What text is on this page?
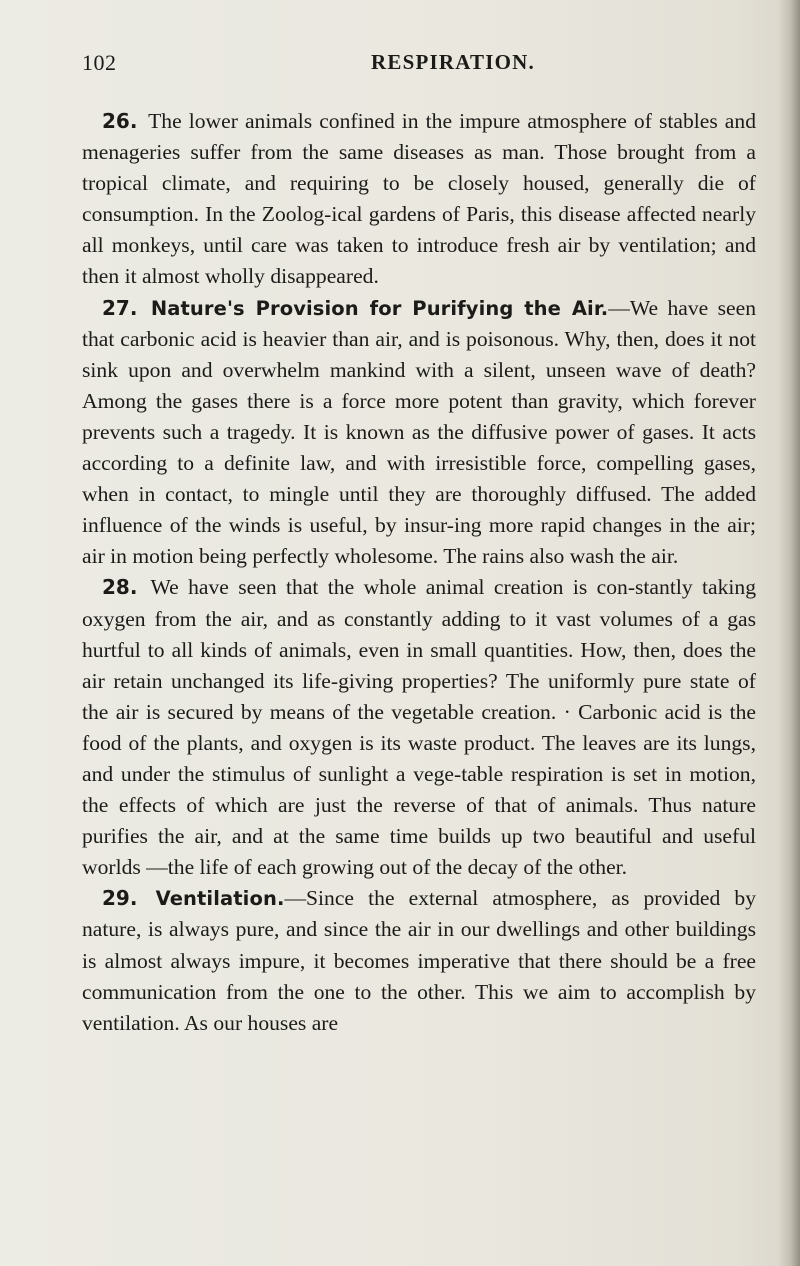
102	RESPIRATION.

26. The lower animals confined in the impure atmosphere of stables and menageries suffer from the same diseases as man. Those brought from a tropical climate, and requiring to be closely housed, generally die of consumption. In the Zoolog-ical gardens of Paris, this disease affected nearly all monkeys, until care was taken to introduce fresh air by ventilation; and then it almost wholly disappeared.

27. Nature's Provision for Purifying the Air.—We have seen that carbonic acid is heavier than air, and is poisonous. Why, then, does it not sink upon and overwhelm mankind with a silent, unseen wave of death? Among the gases there is a force more potent than gravity, which forever prevents such a tragedy. It is known as the diffusive power of gases. It acts according to a definite law, and with irresistible force, compelling gases, when in contact, to mingle until they are thoroughly diffused. The added influence of the winds is useful, by insur-ing more rapid changes in the air; air in motion being perfectly wholesome. The rains also wash the air.

28. We have seen that the whole animal creation is con-stantly taking oxygen from the air, and as constantly adding to it vast volumes of a gas hurtful to all kinds of animals, even in small quantities. How, then, does the air retain unchanged its life-giving properties? The uniformly pure state of the air is secured by means of the vegetable creation. · Carbonic acid is the food of the plants, and oxygen is its waste product. The leaves are its lungs, and under the stimulus of sunlight a vege-table respiration is set in motion, the effects of which are just the reverse of that of animals. Thus nature purifies the air, and at the same time builds up two beautiful and useful worlds —the life of each growing out of the decay of the other.

29. Ventilation.—Since the external atmosphere, as provided by nature, is always pure, and since the air in our dwellings and other buildings is almost always impure, it becomes imperative that there should be a free communication from the one to the other. This we aim to accomplish by ventilation. As our houses are
